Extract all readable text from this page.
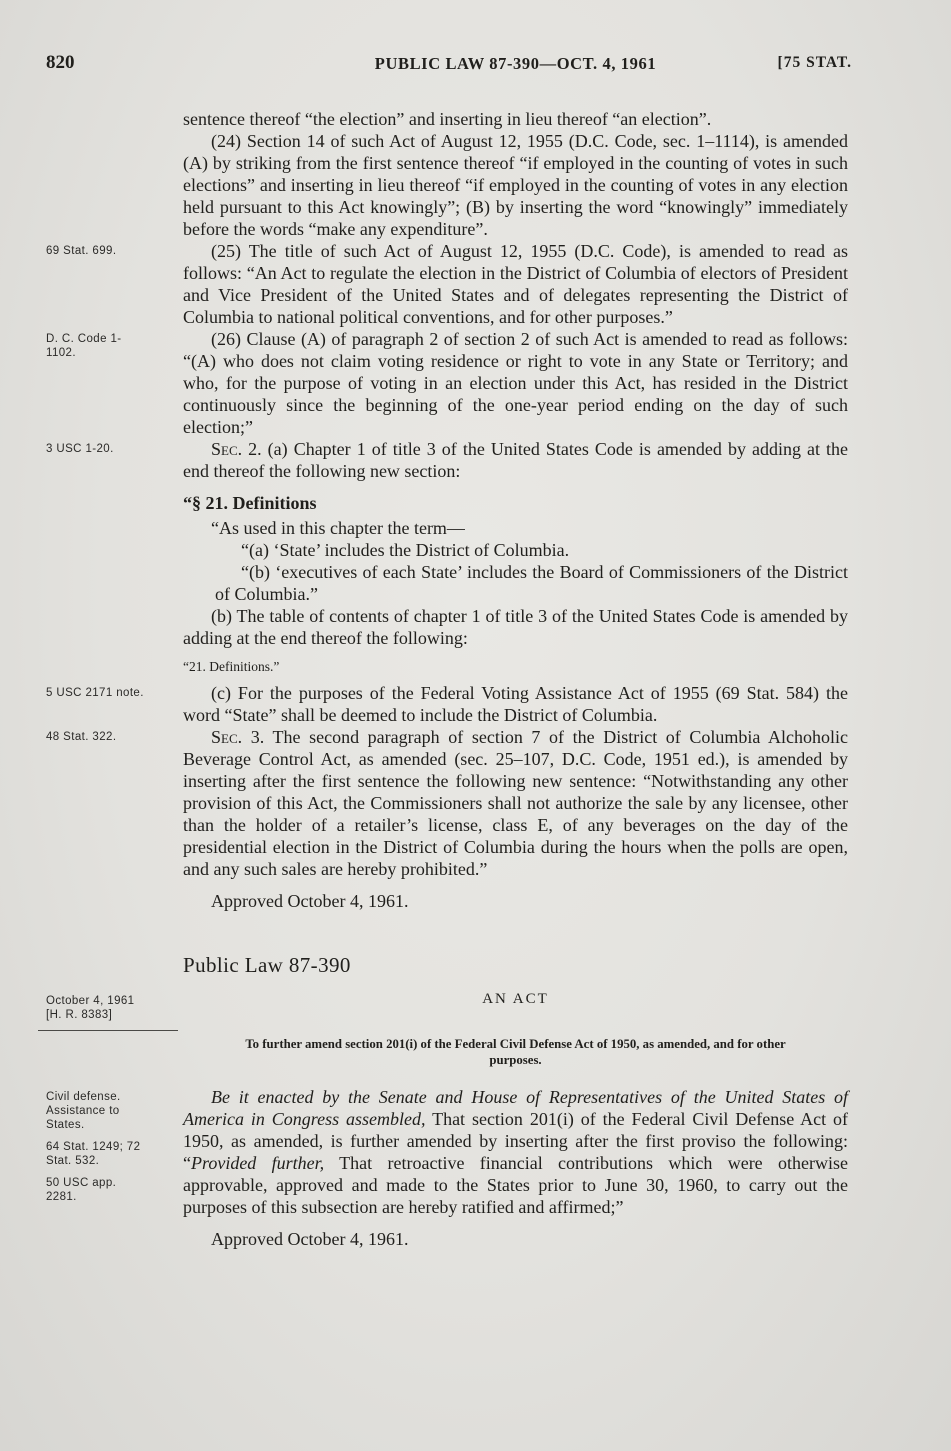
820	PUBLIC LAW 87-390—OCT. 4, 1961	[75 STAT.

sentence thereof “the election” and inserting in lieu thereof “an election”.

(24) Section 14 of such Act of August 12, 1955 (D.C. Code, sec. 1–1114), is amended (A) by striking from the first sentence thereof “if employed in the counting of votes in such elections” and inserting in lieu thereof “if employed in the counting of votes in any election held pursuant to this Act knowingly”; (B) by inserting the word “knowingly” immediately before the words “make any expenditure”.

69 Stat. 699.	(25) The title of such Act of August 12, 1955 (D.C. Code), is amended to read as follows: “An Act to regulate the election in the District of Columbia of electors of President and Vice President of the United States and of delegates representing the District of Columbia to national political conventions, and for other purposes.”

D. C. Code 1-
1102.

(26) Clause (A) of paragraph 2 of section 2 of such Act is amended to read as follows: “(A) who does not claim voting residence or right to vote in any State or Territory; and who, for the purpose of voting in an election under this Act, has resided in the District continuously since the beginning of the one-year period ending on the day of such election;”

3 USC 1-20.	Sec. 2. (a) Chapter 1 of title 3 of the United States Code is amended by adding at the end thereof the following new section:

“§ 21. Definitions

“As used in this chapter the term—

“(a) ‘State’ includes the District of Columbia.

“(b) ‘executives of each State’ includes the Board of Commissioners of the District of Columbia.”

(b) The table of contents of chapter 1 of title 3 of the United States Code is amended by adding at the end thereof the following:

“21. Definitions.”

5 USC 2171 note.	(c) For the purposes of the Federal Voting Assistance Act of 1955 (69 Stat. 584) the word “State” shall be deemed to include the District of Columbia.

48 Stat. 322.	Sec. 3. The second paragraph of section 7 of the District of Columbia Alchoholic Beverage Control Act, as amended (sec. 25–107, D.C. Code, 1951 ed.), is amended by inserting after the first sentence the following new sentence: “Notwithstanding any other provision of this Act, the Commissioners shall not authorize the sale by any licensee, other than the holder of a retailer’s license, class E, of any beverages on the day of the presidential election in the District of Columbia during the hours when the polls are open, and any such sales are hereby prohibited.”

Approved October 4, 1961.

Public Law 87-390

October 4, 1961
[H. R. 8383]

AN ACT

To further amend section 201(i) of the Federal Civil Defense Act of 1950, as amended, and for other purposes.

Civil defense.
Assistance to
States.
64 Stat. 1249; 72
Stat. 532.
50 USC app.
2281.

Be it enacted by the Senate and House of Representatives of the United States of America in Congress assembled, That section 201(i) of the Federal Civil Defense Act of 1950, as amended, is further amended by inserting after the first proviso the following: “Provided further, That retroactive financial contributions which were otherwise approvable, approved and made to the States prior to June 30, 1960, to carry out the purposes of this subsection are hereby ratified and affirmed;”

Approved October 4, 1961.
